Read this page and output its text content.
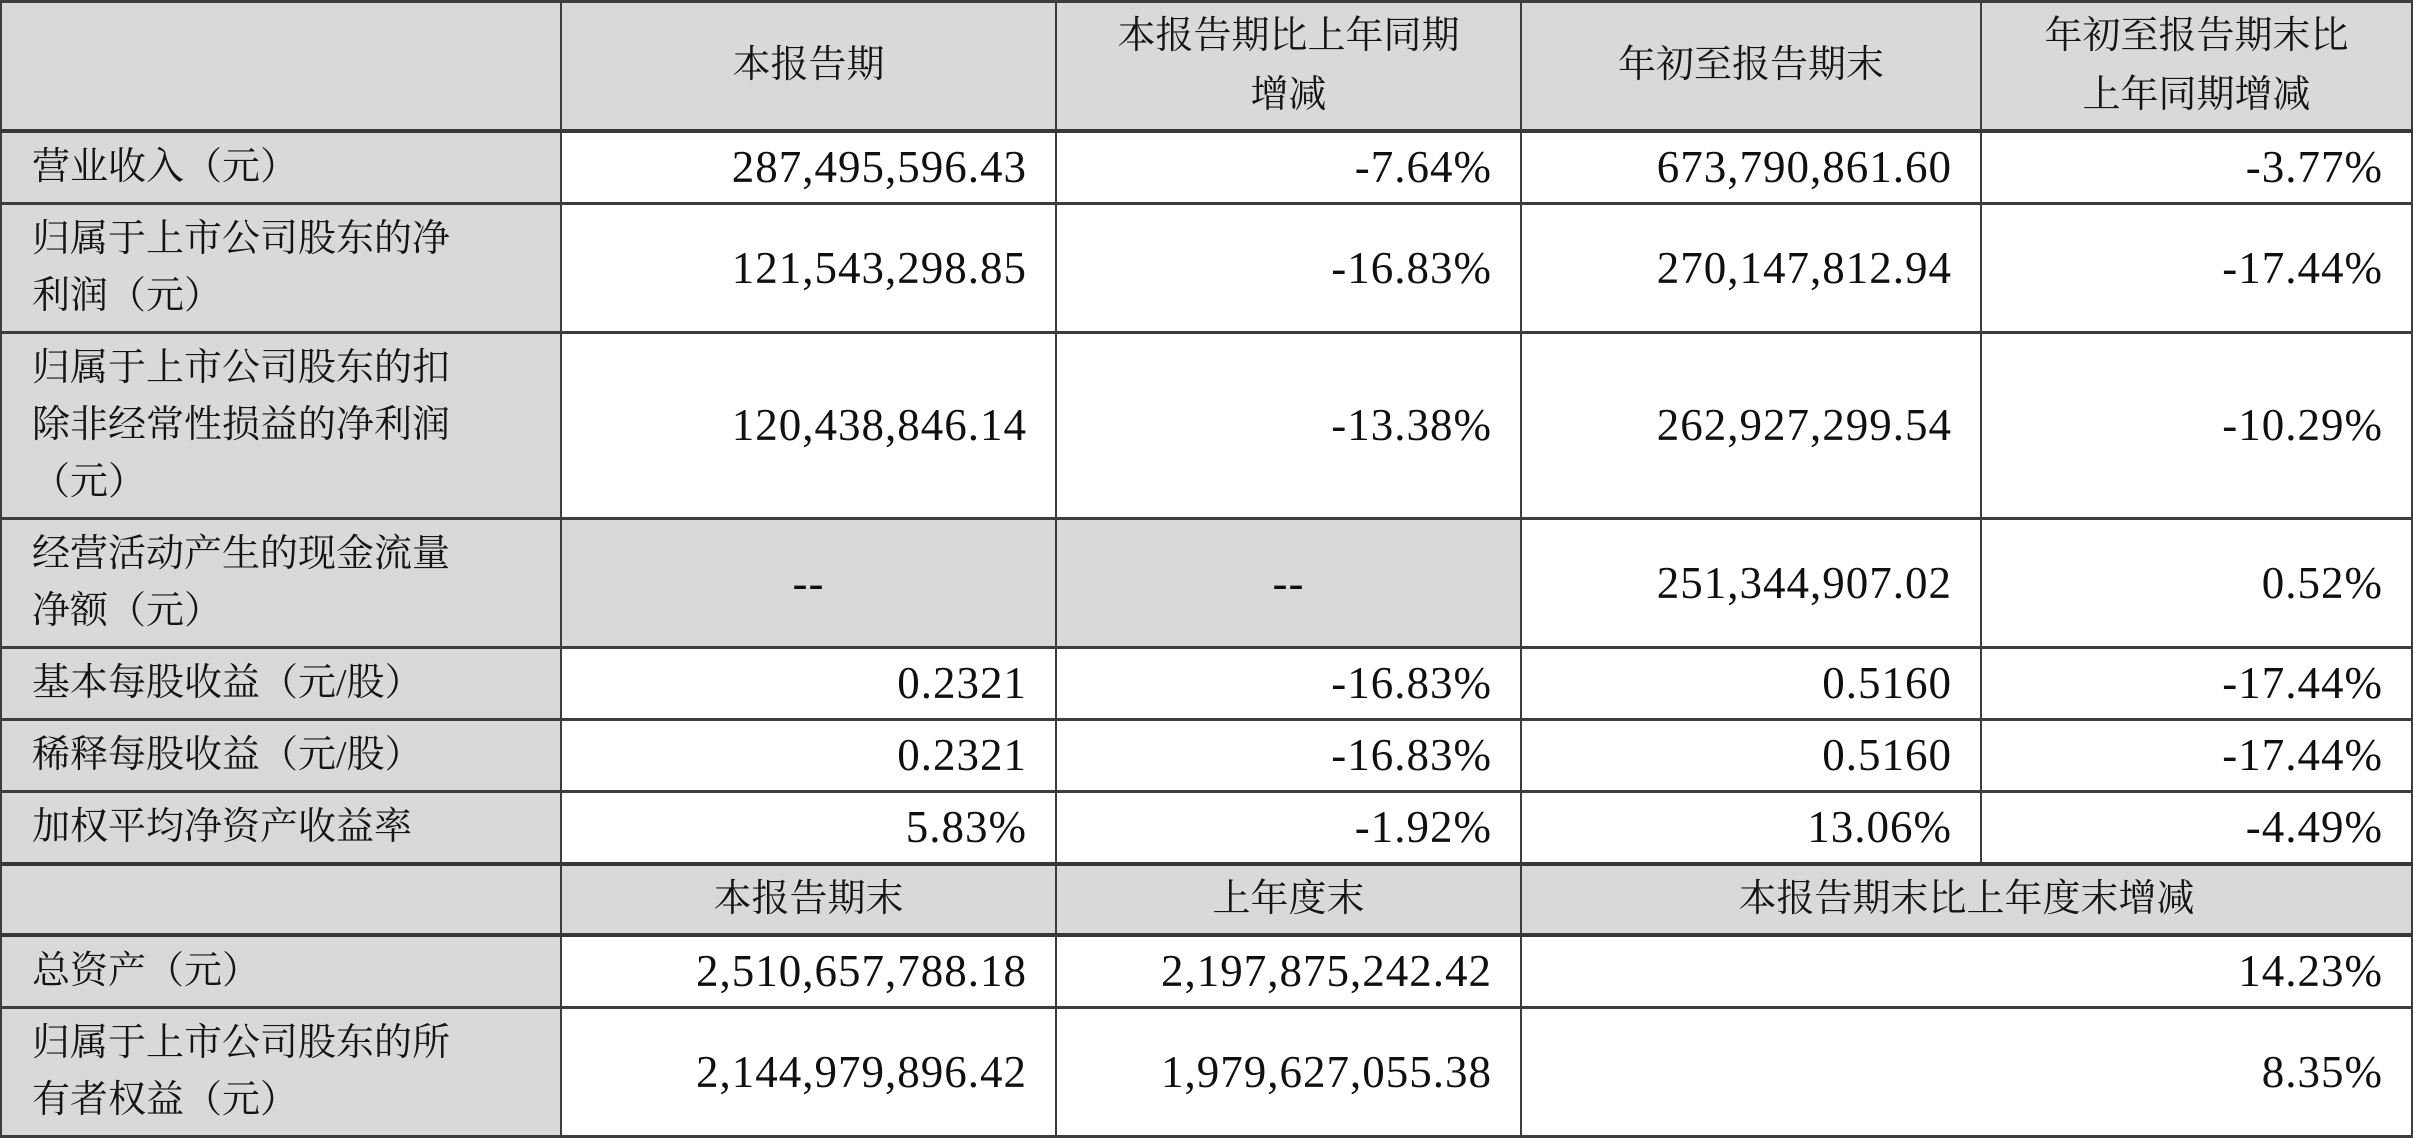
	本报告期	本报告期比上年同期增减	年初至报告期末	年初至报告期末比上年同期增减
营业收入（元）	287,495,596.43	-7.64%	673,790,861.60	-3.77%
归属于上市公司股东的净利润（元）	121,543,298.85	-16.83%	270,147,812.94	-17.44%
归属于上市公司股东的扣除非经常性损益的净利润（元）	120,438,846.14	-13.38%	262,927,299.54	-10.29%
经营活动产生的现金流量净额（元）	--	--	251,344,907.02	0.52%
基本每股收益（元/股）	0.2321	-16.83%	0.5160	-17.44%
稀释每股收益（元/股）	0.2321	-16.83%	0.5160	-17.44%
加权平均净资产收益率	5.83%	-1.92%	13.06%	-4.49%
	本报告期末	上年度末	本报告期末比上年度末增减	
总资产（元）	2,510,657,788.18	2,197,875,242.42	14.23%	
归属于上市公司股东的所有者权益（元）	2,144,979,896.42	1,979,627,055.38	8.35%	
